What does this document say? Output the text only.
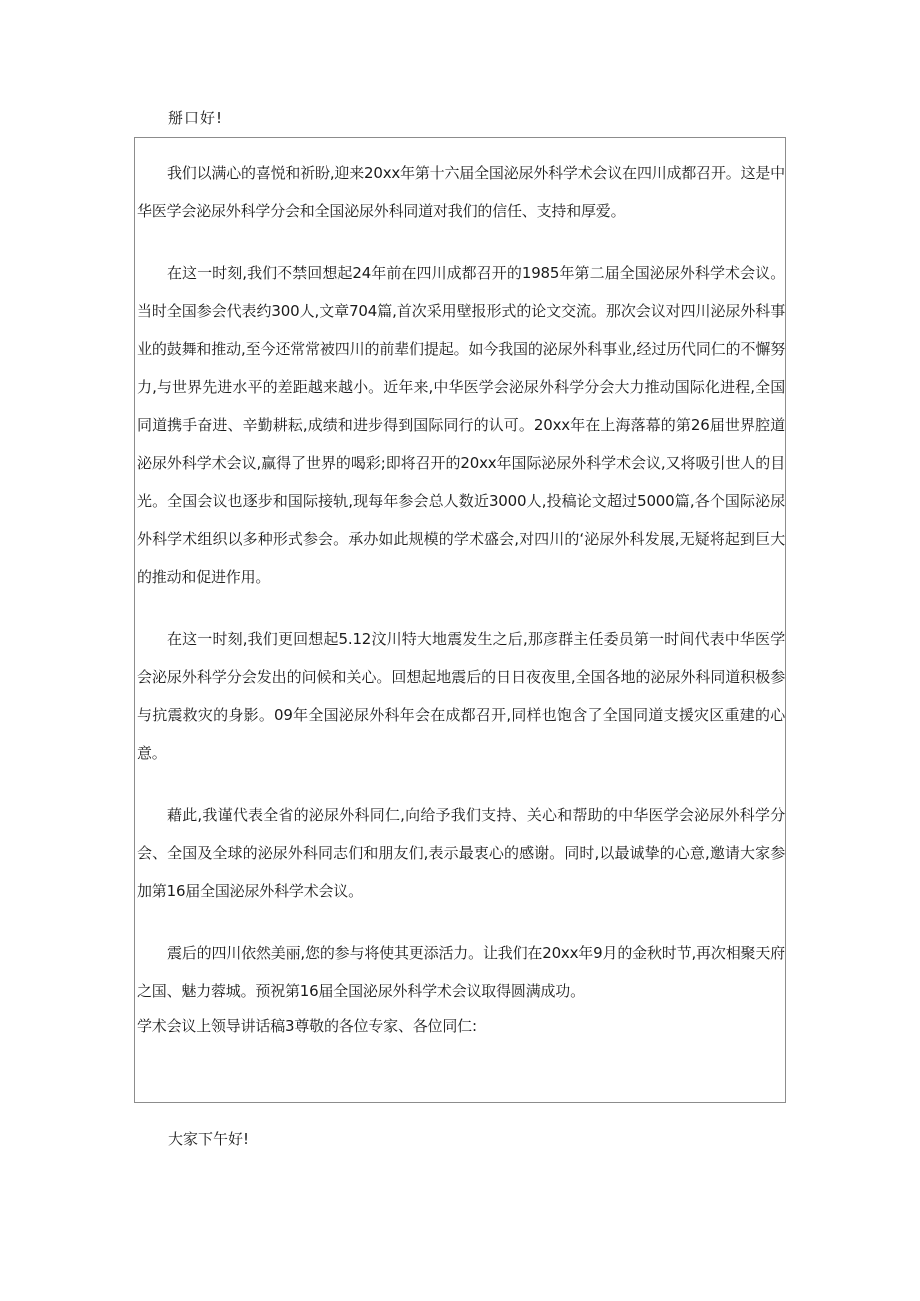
掰口好!

我们以满心的喜悦和祈盼,迎来20xx年第十六届全国泌尿外科学术会议在四川成都召开。这是中华医学会泌尿外科学分会和全国泌尿外科同道对我们的信任、支持和厚爱。

在这一时刻,我们不禁回想起24年前在四川成都召开的1985年第二届全国泌尿外科学术会议。当时全国参会代表约300人,文章704篇,首次采用壁报形式的论文交流。那次会议对四川泌尿外科事业的鼓舞和推动,至今还常常被四川的前辈们提起。如今我国的泌尿外科事业,经过历代同仁的不懈努力,与世界先进水平的差距越来越小。近年来,中华医学会泌尿外科学分会大力推动国际化进程,全国同道携手奋进、辛勤耕耘,成绩和进步得到国际同行的认可。20xx年在上海落幕的第26届世界腔道泌尿外科学术会议,赢得了世界的喝彩;即将召开的20xx年国际泌尿外科学术会议,又将吸引世人的目光。全国会议也逐步和国际接轨,现每年参会总人数近3000人,投稿论文超过5000篇,各个国际泌尿外科学术组织以多种形式参会。承办如此规模的学术盛会,对四川的‘泌尿外科发展,无疑将起到巨大的推动和促进作用。

在这一时刻,我们更回想起5.12汶川特大地震发生之后,那彦群主任委员第一时间代表中华医学会泌尿外科学分会发出的问候和关心。回想起地震后的日日夜夜里,全国各地的泌尿外科同道积极参与抗震救灾的身影。09年全国泌尿外科年会在成都召开,同样也饱含了全国同道支援灾区重建的心意。

藉此,我谨代表全省的泌尿外科同仁,向给予我们支持、关心和帮助的中华医学会泌尿外科学分会、全国及全球的泌尿外科同志们和朋友们,表示最衷心的感谢。同时,以最诚挚的心意,邀请大家参加第16届全国泌尿外科学术会议。

震后的四川依然美丽,您的参与将使其更添活力。让我们在20xx年9月的金秋时节,再次相聚天府之国、魅力蓉城。预祝第16届全国泌尿外科学术会议取得圆满成功。

学术会议上领导讲话稿3尊敬的各位专家、各位同仁:

大家下午好!
